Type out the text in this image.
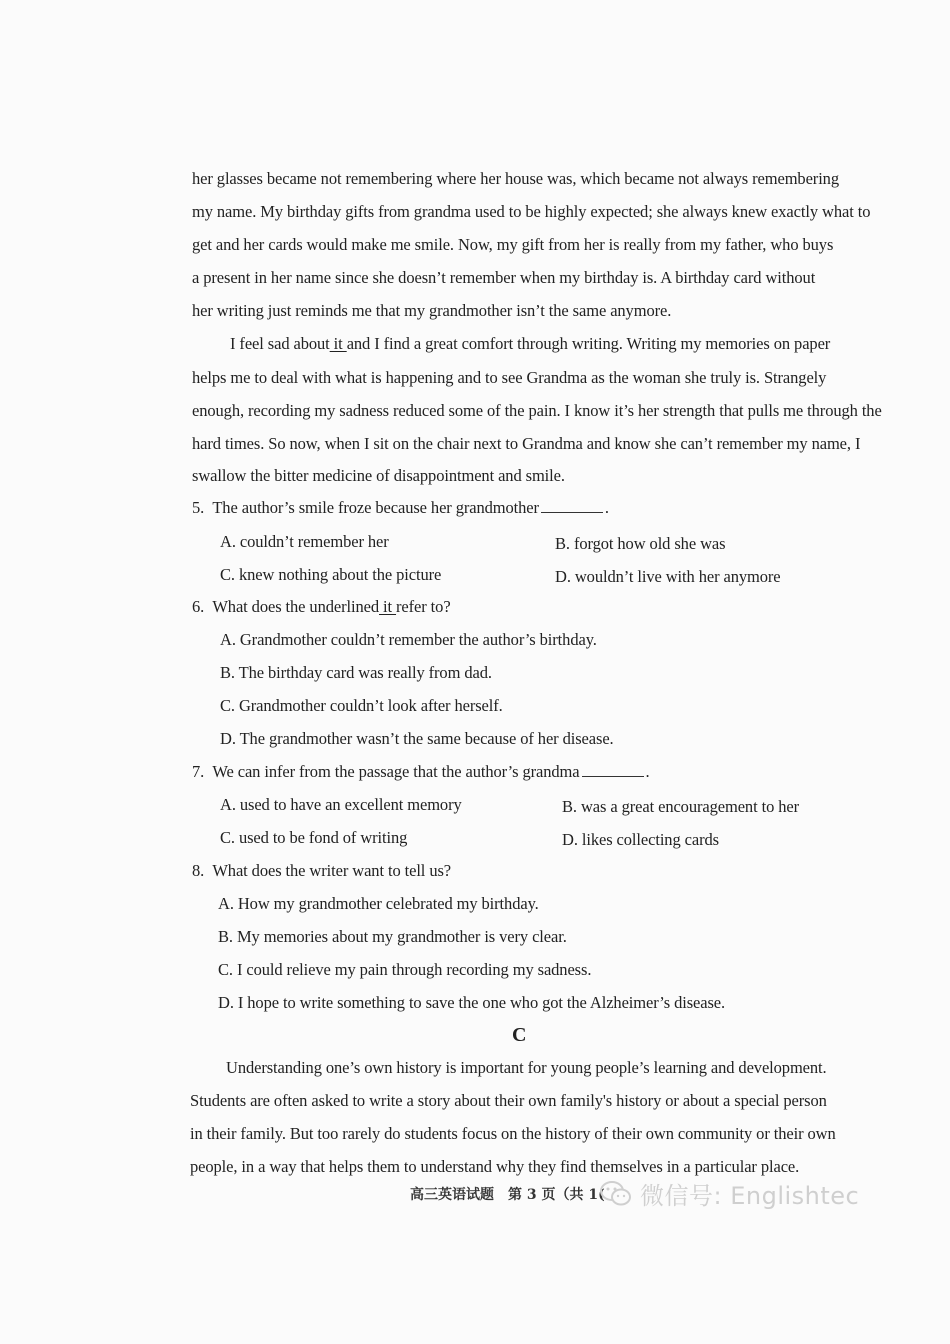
her glasses became not remembering where her house was, which became not always remembering
my name. My birthday gifts from grandma used to be highly expected; she always knew exactly what to
get and her cards would make me smile. Now, my gift from her is really from my father, who buys
a present in her name since she doesn’t remember when my birthday is. A birthday card without
her writing just reminds me that my grandmother isn’t the same anymore.
I feel sad about it and I find a great comfort through writing. Writing my memories on paper
helps me to deal with what is happening and to see Grandma as the woman she truly is. Strangely
enough, recording my sadness reduced some of the pain. I know it’s her strength that pulls me through the
hard times. So now, when I sit on the chair next to Grandma and know she can’t remember my name, I
swallow the bitter medicine of disappointment and smile.
5. The author’s smile froze because her grandmother	.
A. couldn’t remember her	B. forgot how old she was
C. knew nothing about the picture	D. wouldn’t live with her anymore
6. What does the underlined it refer to?
A. Grandmother couldn’t remember the author’s birthday.
B. The birthday card was really from dad.
C. Grandmother couldn’t look after herself.
D. The grandmother wasn’t the same because of her disease.
7. We can infer from the passage that the author’s grandma	.
A. used to have an excellent memory	B. was a great encouragement to her
C. used to be fond of writing	D. likes collecting cards
8. What does the writer want to tell us?
A. How my grandmother celebrated my birthday.
B. My memories about my grandmother is very clear.
C. I could relieve my pain through recording my sadness.
D. I hope to write something to save the one who got the Alzheimer’s disease.
C
Understanding one’s own history is important for young people’s learning and development.
Students are often asked to write a story about their own family's history or about a special person
in their family. But too rarely do students focus on the history of their own community or their own
people, in a way that helps them to understand why they find themselves in a particular place.
高三英语试题 第 3 页（共 1( 微信号: Englishtec
